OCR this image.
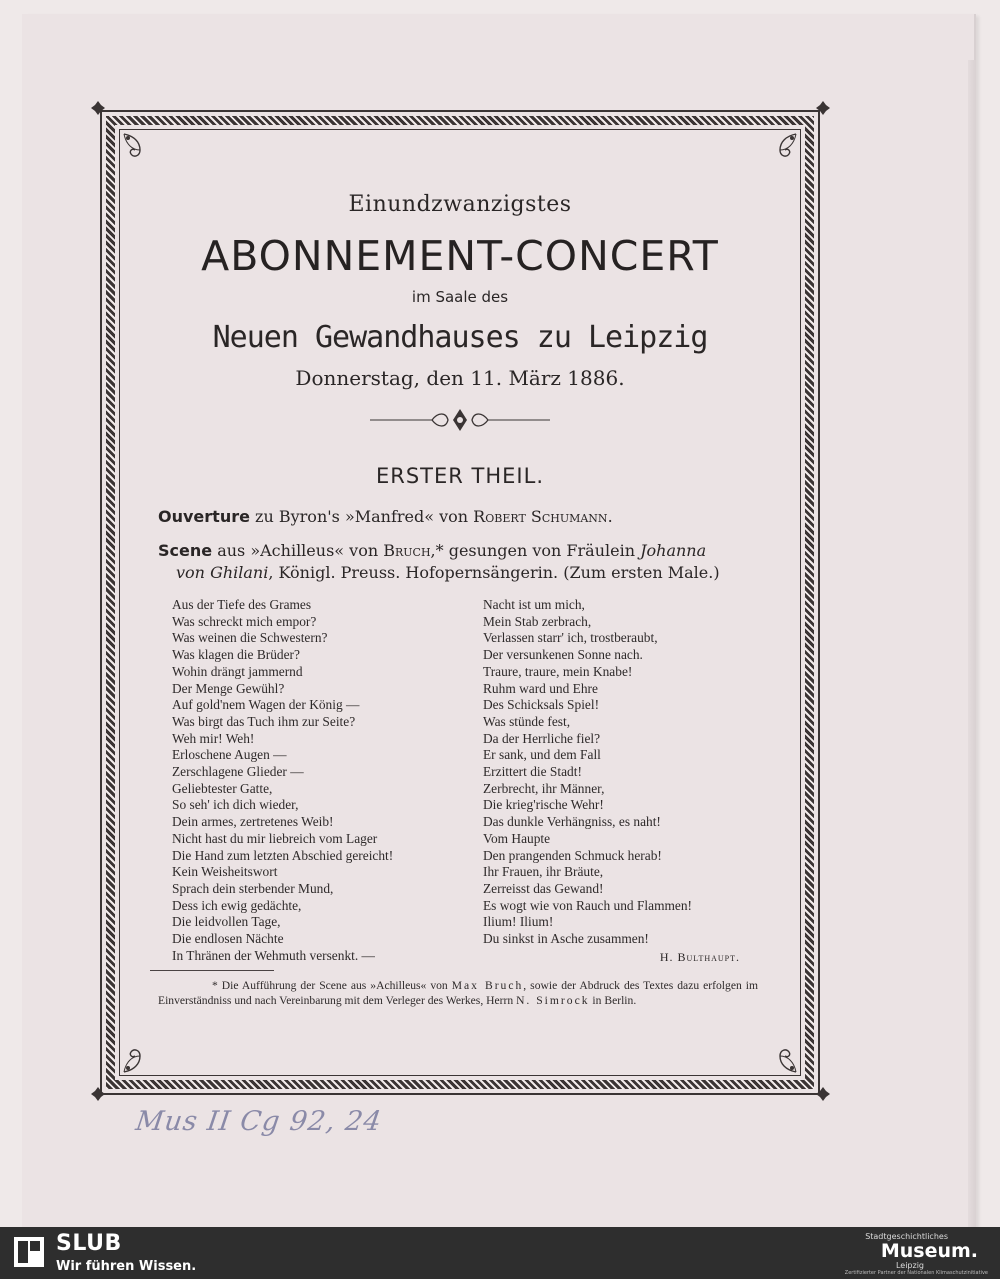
Einundzwanzigstes
ABONNEMENT-CONCERT
im Saale des
Neuen Gewandhauses zu Leipzig
Donnerstag, den 11. März 1886.
ERSTER THEIL.
Ouverture zu Byron's »Manfred« von Robert Schumann.
Scene aus »Achilleus« von Bruch,* gesungen von Fräulein Johanna
von Ghilani, Königl. Preuss. Hofopernsängerin. (Zum ersten Male.)
Aus der Tiefe des Grames
Was schreckt mich empor?
Was weinen die Schwestern?
Was klagen die Brüder?
Wohin drängt jammernd
Der Menge Gewühl?
Auf gold'nem Wagen der König —
Was birgt das Tuch ihm zur Seite?
Weh mir! Weh!
Erloschene Augen —
Zerschlagene Glieder —
Geliebtester Gatte,
So seh' ich dich wieder,
Dein armes, zertretenes Weib!
Nicht hast du mir liebreich vom Lager
Die Hand zum letzten Abschied gereicht!
Kein Weisheitswort
Sprach dein sterbender Mund,
Dess ich ewig gedächte,
Die leidvollen Tage,
Die endlosen Nächte
In Thränen der Wehmuth versenkt. —
Nacht ist um mich,
Mein Stab zerbrach,
Verlassen starr' ich, trostberaubt,
Der versunkenen Sonne nach.
Traure, traure, mein Knabe!
Ruhm ward und Ehre
Des Schicksals Spiel!
Was stünde fest,
Da der Herrliche fiel?
Er sank, und dem Fall
Erzittert die Stadt!
Zerbrecht, ihr Männer,
Die krieg'rische Wehr!
Das dunkle Verhängniss, es naht!
Vom Haupte
Den prangenden Schmuck herab!
Ihr Frauen, ihr Bräute,
Zerreisst das Gewand!
Es wogt wie von Rauch und Flammen!
Ilium! Ilium!
Du sinkst in Asche zusammen!
H. Bulthaupt.
* Die Aufführung der Scene aus »Achilleus« von Max Bruch, sowie der Abdruck des Textes dazu erfolgen im Einverständniss und nach Vereinbarung mit dem Verleger des Werkes, Herrn N. Simrock in Berlin.
Mus II Cg 92, 24
SLUB
Wir führen Wissen.
Stadtgeschichtliches
Museum.
Leipzig
Zertifizierter Partner der Nationalen Klimaschutzinitiative
